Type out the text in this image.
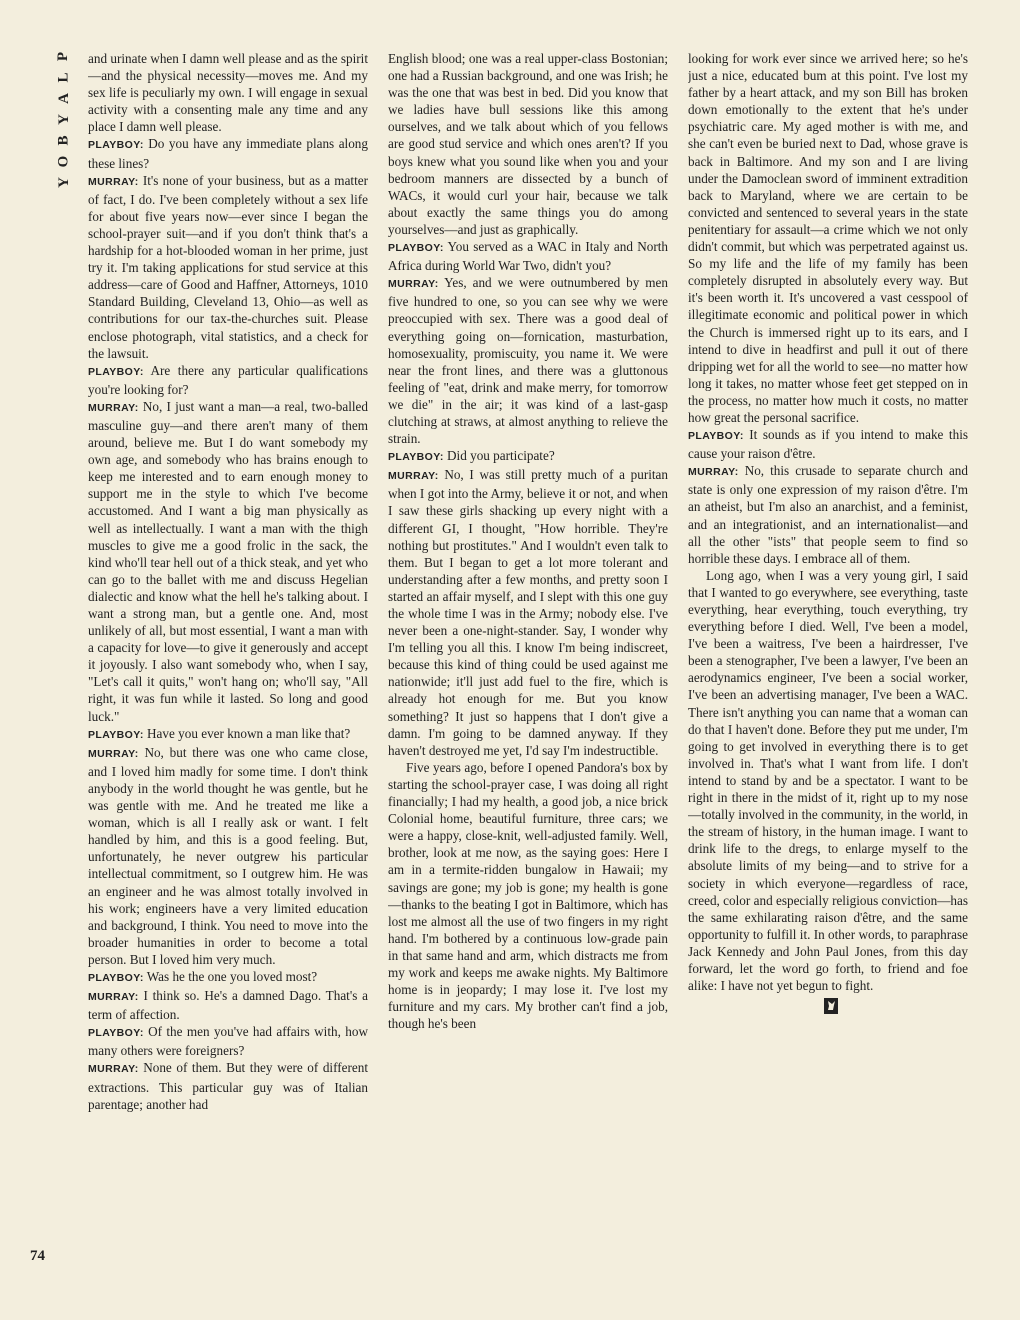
P
L
A
Y
B
O
Y

and urinate when I damn well please and as the spirit—and the physical necessity—moves me. And my sex life is peculiarly my own. I will engage in sexual activity with a consenting male any time and any place I damn well please.

PLAYBOY: Do you have any immediate plans along these lines?

MURRAY: It's none of your business, but as a matter of fact, I do. I've been completely without a sex life for about five years now—ever since I began the school-prayer suit—and if you don't think that's a hardship for a hot-blooded woman in her prime, just try it. I'm taking applications for stud service at this address—care of Good and Haffner, Attorneys, 1010 Standard Building, Cleveland 13, Ohio—as well as contributions for our tax-the-churches suit. Please enclose photograph, vital statistics, and a check for the lawsuit.

PLAYBOY: Are there any particular qualifications you're looking for?

MURRAY: No, I just want a man—a real, two-balled masculine guy—and there aren't many of them around, believe me. But I do want somebody my own age, and somebody who has brains enough to keep me interested and to earn enough money to support me in the style to which I've become accustomed. And I want a big man physically as well as intellectually. I want a man with the thigh muscles to give me a good frolic in the sack, the kind who'll tear hell out of a thick steak, and yet who can go to the ballet with me and discuss Hegelian dialectic and know what the hell he's talking about. I want a strong man, but a gentle one. And, most unlikely of all, but most essential, I want a man with a capacity for love—to give it generously and accept it joyously. I also want somebody who, when I say, "Let's call it quits," won't hang on; who'll say, "All right, it was fun while it lasted. So long and good luck."

PLAYBOY: Have you ever known a man like that?

MURRAY: No, but there was one who came close, and I loved him madly for some time. I don't think anybody in the world thought he was gentle, but he was gentle with me. And he treated me like a woman, which is all I really ask or want. I felt handled by him, and this is a good feeling. But, unfortunately, he never outgrew his particular intellectual commitment, so I outgrew him. He was an engineer and he was almost totally involved in his work; engineers have a very limited education and background, I think. You need to move into the broader humanities in order to become a total person. But I loved him very much.

PLAYBOY: Was he the one you loved most?

MURRAY: I think so. He's a damned Dago. That's a term of affection.

PLAYBOY: Of the men you've had affairs with, how many others were foreigners?

MURRAY: None of them. But they were of different extractions. This particular guy was of Italian parentage; another had

English blood; one was a real upper-class Bostonian; one had a Russian background, and one was Irish; he was the one that was best in bed. Did you know that we ladies have bull sessions like this among ourselves, and we talk about which of you fellows are good stud service and which ones aren't? If you boys knew what you sound like when you and your bedroom manners are dissected by a bunch of WACs, it would curl your hair, because we talk about exactly the same things you do among yourselves—and just as graphically.

PLAYBOY: You served as a WAC in Italy and North Africa during World War Two, didn't you?

MURRAY: Yes, and we were outnumbered by men five hundred to one, so you can see why we were preoccupied with sex. There was a good deal of everything going on—fornication, masturbation, homosexuality, promiscuity, you name it. We were near the front lines, and there was a gluttonous feeling of "eat, drink and make merry, for tomorrow we die" in the air; it was kind of a last-gasp clutching at straws, at almost anything to relieve the strain.

PLAYBOY: Did you participate?

MURRAY: No, I was still pretty much of a puritan when I got into the Army, believe it or not, and when I saw these girls shacking up every night with a different GI, I thought, "How horrible. They're nothing but prostitutes." And I wouldn't even talk to them. But I began to get a lot more tolerant and understanding after a few months, and pretty soon I started an affair myself, and I slept with this one guy the whole time I was in the Army; nobody else. I've never been a one-night-stander. Say, I wonder why I'm telling you all this. I know I'm being indiscreet, because this kind of thing could be used against me nationwide; it'll just add fuel to the fire, which is already hot enough for me. But you know something? It just so happens that I don't give a damn. I'm going to be damned anyway. If they haven't destroyed me yet, I'd say I'm indestructible.

Five years ago, before I opened Pandora's box by starting the school-prayer case, I was doing all right financially; I had my health, a good job, a nice brick Colonial home, beautiful furniture, three cars; we were a happy, close-knit, well-adjusted family. Well, brother, look at me now, as the saying goes: Here I am in a termite-ridden bungalow in Hawaii; my savings are gone; my job is gone; my health is gone—thanks to the beating I got in Baltimore, which has lost me almost all the use of two fingers in my right hand. I'm bothered by a continuous low-grade pain in that same hand and arm, which distracts me from my work and keeps me awake nights. My Baltimore home is in jeopardy; I may lose it. I've lost my furniture and my cars. My brother can't find a job, though he's been

looking for work ever since we arrived here; so he's just a nice, educated bum at this point. I've lost my father by a heart attack, and my son Bill has broken down emotionally to the extent that he's under psychiatric care. My aged mother is with me, and she can't even be buried next to Dad, whose grave is back in Baltimore. And my son and I are living under the Damoclean sword of imminent extradition back to Maryland, where we are certain to be convicted and sentenced to several years in the state penitentiary for assault—a crime which we not only didn't commit, but which was perpetrated against us. So my life and the life of my family has been completely disrupted in absolutely every way. But it's been worth it. It's uncovered a vast cesspool of illegitimate economic and political power in which the Church is immersed right up to its ears, and I intend to dive in headfirst and pull it out of there dripping wet for all the world to see—no matter how long it takes, no matter whose feet get stepped on in the process, no matter how much it costs, no matter how great the personal sacrifice.

PLAYBOY: It sounds as if you intend to make this cause your raison d'être.

MURRAY: No, this crusade to separate church and state is only one expression of my raison d'être. I'm an atheist, but I'm also an anarchist, and a feminist, and an integrationist, and an internationalist—and all the other "ists" that people seem to find so horrible these days. I embrace all of them.

Long ago, when I was a very young girl, I said that I wanted to go everywhere, see everything, taste everything, hear everything, touch everything, try everything before I died. Well, I've been a model, I've been a waitress, I've been a hairdresser, I've been a stenographer, I've been a lawyer, I've been an aerodynamics engineer, I've been a social worker, I've been an advertising manager, I've been a WAC. There isn't anything you can name that a woman can do that I haven't done. Before they put me under, I'm going to get involved in everything there is to get involved in. That's what I want from life. I don't intend to stand by and be a spectator. I want to be right in there in the midst of it, right up to my nose—totally involved in the community, in the world, in the stream of history, in the human image. I want to drink life to the dregs, to enlarge myself to the absolute limits of my being—and to strive for a society in which everyone—regardless of race, creed, color and especially religious conviction—has the same exhilarating raison d'être, and the same opportunity to fulfill it. In other words, to paraphrase Jack Kennedy and John Paul Jones, from this day forward, let the word go forth, to friend and foe alike: I have not yet begun to fight.

74
